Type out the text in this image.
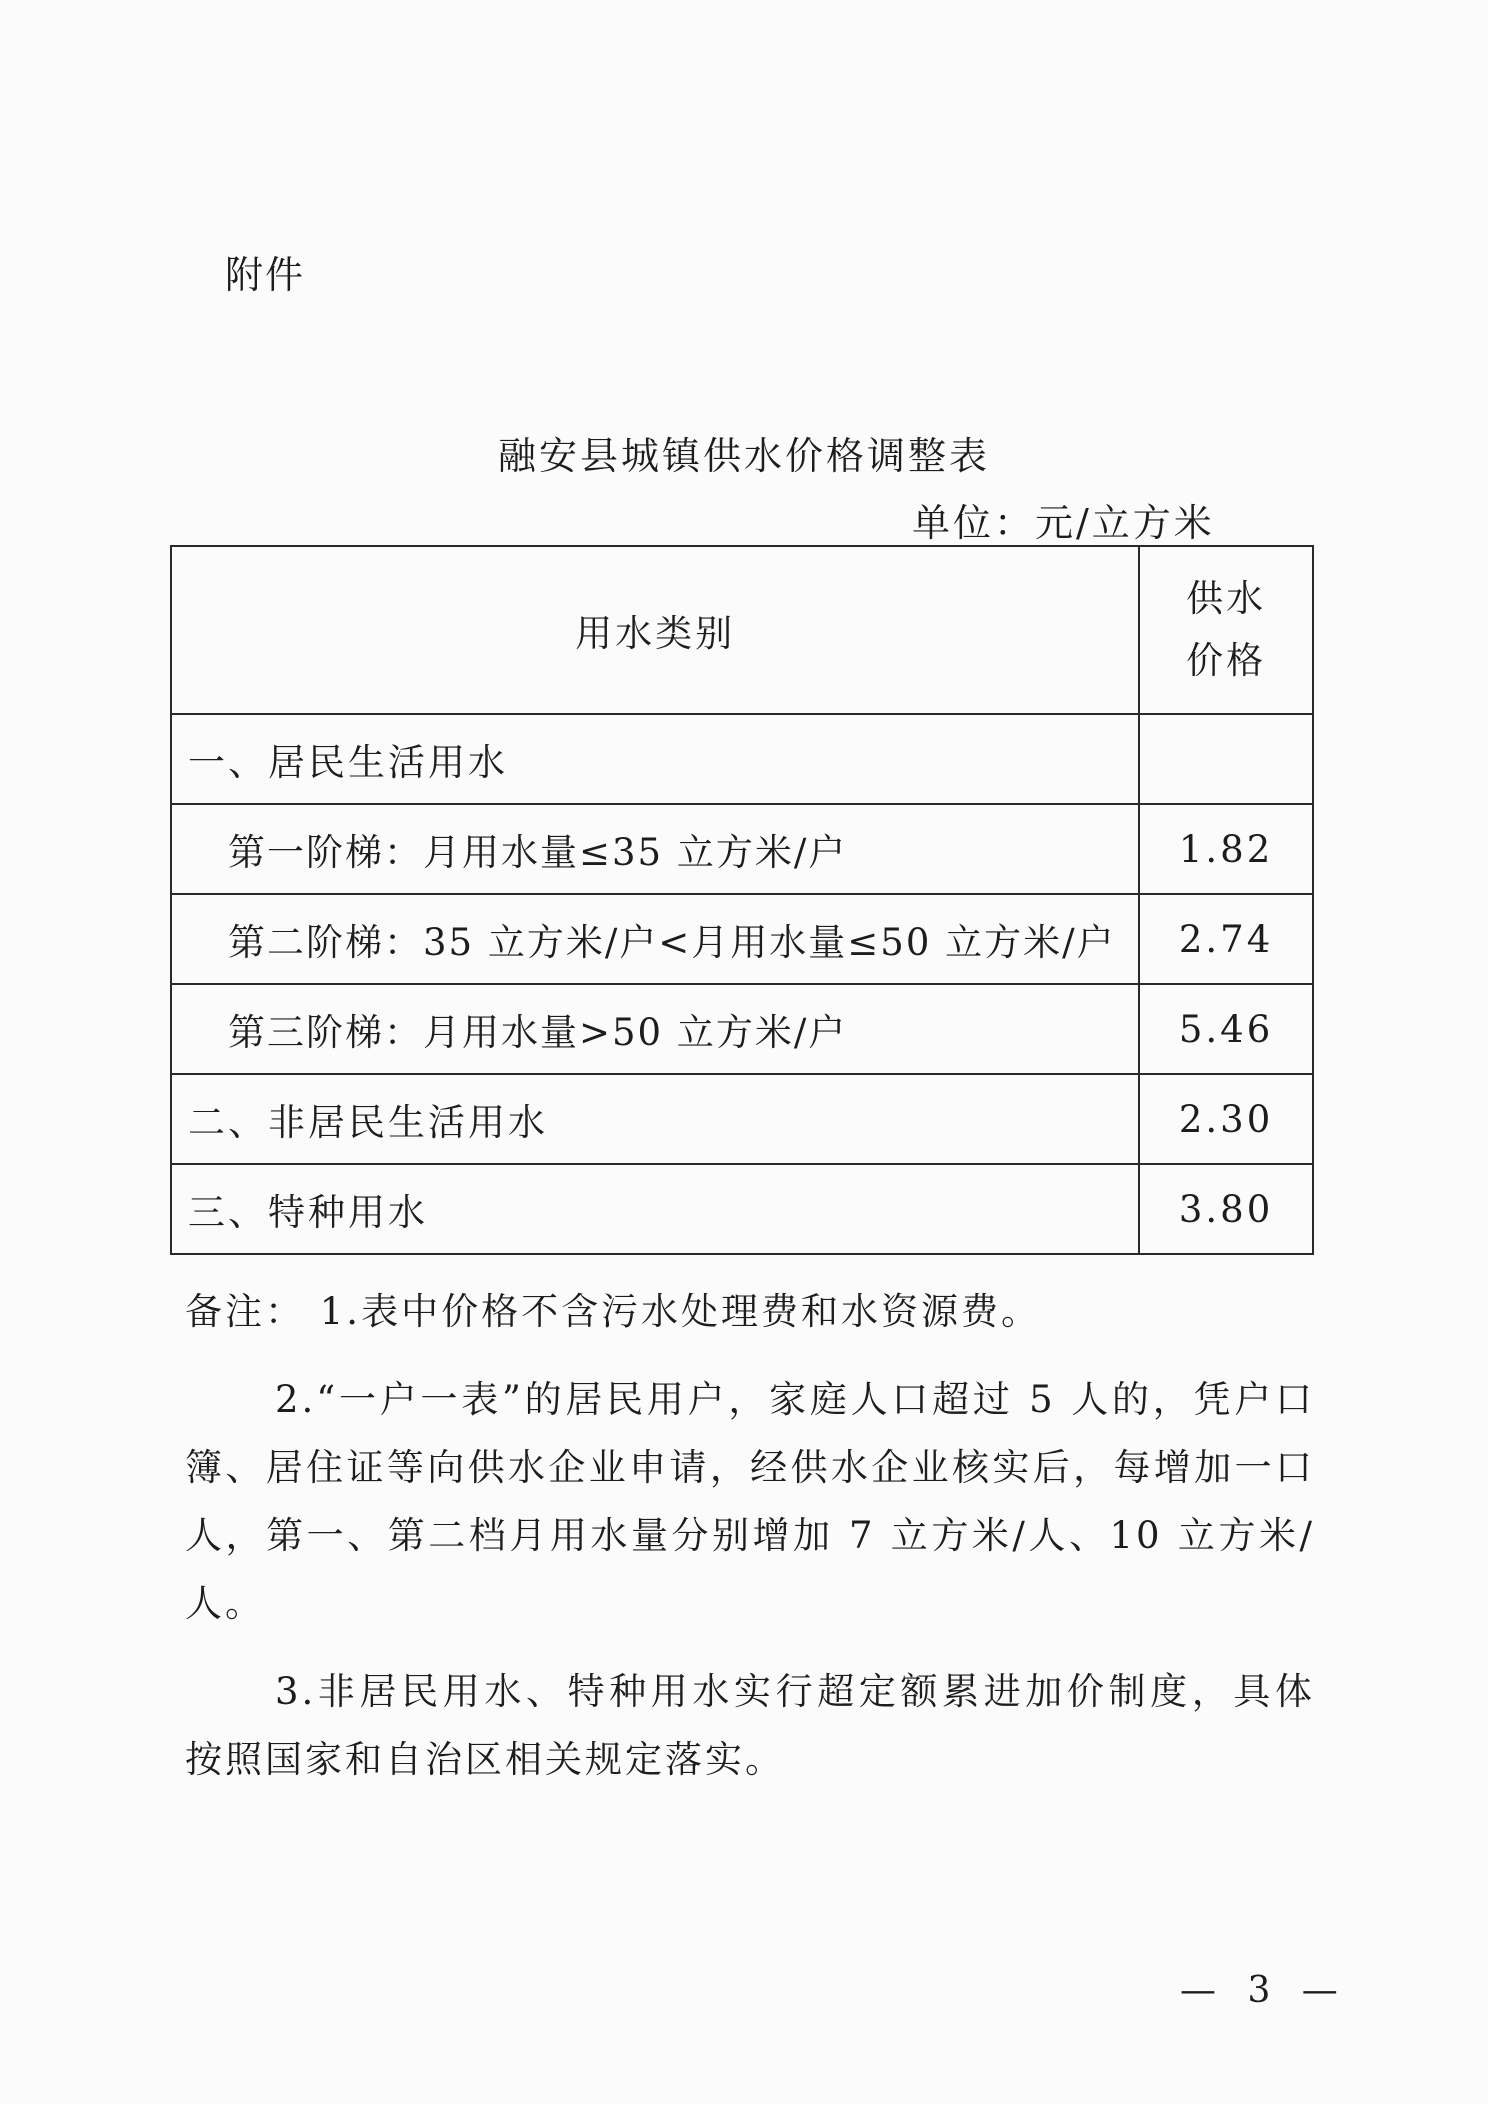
附件
融安县城镇供水价格调整表
单位：元/立方米
用水类别	供水
价格

一、居民生活用水	
第一阶梯：月用水量≤35 立方米/户	1.82
第二阶梯：35 立方米/户<月用水量≤50 立方米/户	2.74
第三阶梯：月用水量>50 立方米/户	5.46
二、非居民生活用水	2.30
三、特种用水	3.80

备注： 1.表中价格不含污水处理费和水资源费。

2.“一户一表”的居民用户，家庭人口超过 5 人的，凭户口簿、居住证等向供水企业申请，经供水企业核实后，每增加一口人，第一、第二档月用水量分别增加 7 立方米/人、10 立方米/人。

3.非居民用水、特种用水实行超定额累进加价制度，具体按照国家和自治区相关规定落实。

— 3 —
